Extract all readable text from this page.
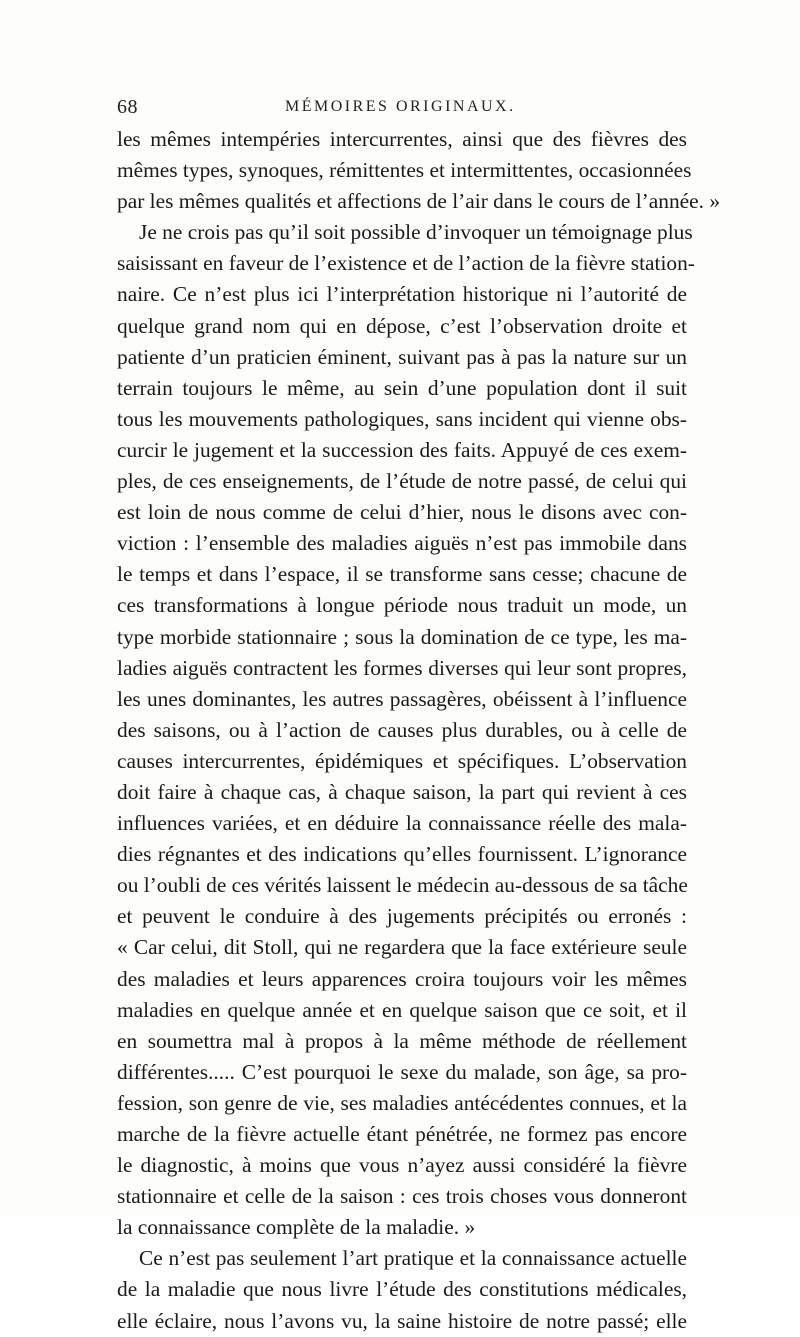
68	MÉMOIRES ORIGINAUX.
les mêmes intempéries intercurrentes, ainsi que des fièvres des
mêmes types, synoques, rémittentes et intermittentes, occasionnées
par les mêmes qualités et affections de l’air dans le cours de l’année. »
Je ne crois pas qu’il soit possible d’invoquer un témoignage plus
saisissant en faveur de l’existence et de l’action de la fièvre station-
naire. Ce n’est plus ici l’interprétation historique ni l’autorité de
quelque grand nom qui en dépose, c’est l’observation droite et
patiente d’un praticien éminent, suivant pas à pas la nature sur un
terrain toujours le même, au sein d’une population dont il suit
tous les mouvements pathologiques, sans incident qui vienne obs-
curcir le jugement et la succession des faits. Appuyé de ces exem-
ples, de ces enseignements, de l’étude de notre passé, de celui qui
est loin de nous comme de celui d’hier, nous le disons avec con-
viction : l’ensemble des maladies aiguës n’est pas immobile dans
le temps et dans l’espace, il se transforme sans cesse; chacune de
ces transformations à longue période nous traduit un mode, un
type morbide stationnaire ; sous la domination de ce type, les ma-
ladies aiguës contractent les formes diverses qui leur sont propres,
les unes dominantes, les autres passagères, obéissent à l’influence
des saisons, ou à l’action de causes plus durables, ou à celle de
causes intercurrentes, épidémiques et spécifiques. L’observation
doit faire à chaque cas, à chaque saison, la part qui revient à ces
influences variées, et en déduire la connaissance réelle des mala-
dies régnantes et des indications qu’elles fournissent. L’ignorance
ou l’oubli de ces vérités laissent le médecin au-dessous de sa tâche
et peuvent le conduire à des jugements précipités ou erronés :
« Car celui, dit Stoll, qui ne regardera que la face extérieure seule
des maladies et leurs apparences croira toujours voir les mêmes
maladies en quelque année et en quelque saison que ce soit, et il
en soumettra mal à propos à la même méthode de réellement
différentes..... C’est pourquoi le sexe du malade, son âge, sa pro-
fession, son genre de vie, ses maladies antécédentes connues, et la
marche de la fièvre actuelle étant pénétrée, ne formez pas encore
le diagnostic, à moins que vous n’ayez aussi considéré la fièvre
stationnaire et celle de la saison : ces trois choses vous donneront
la connaissance complète de la maladie. »
Ce n’est pas seulement l’art pratique et la connaissance actuelle
de la maladie que nous livre l’étude des constitutions médicales,
elle éclaire, nous l’avons vu, la saine histoire de notre passé; elle
